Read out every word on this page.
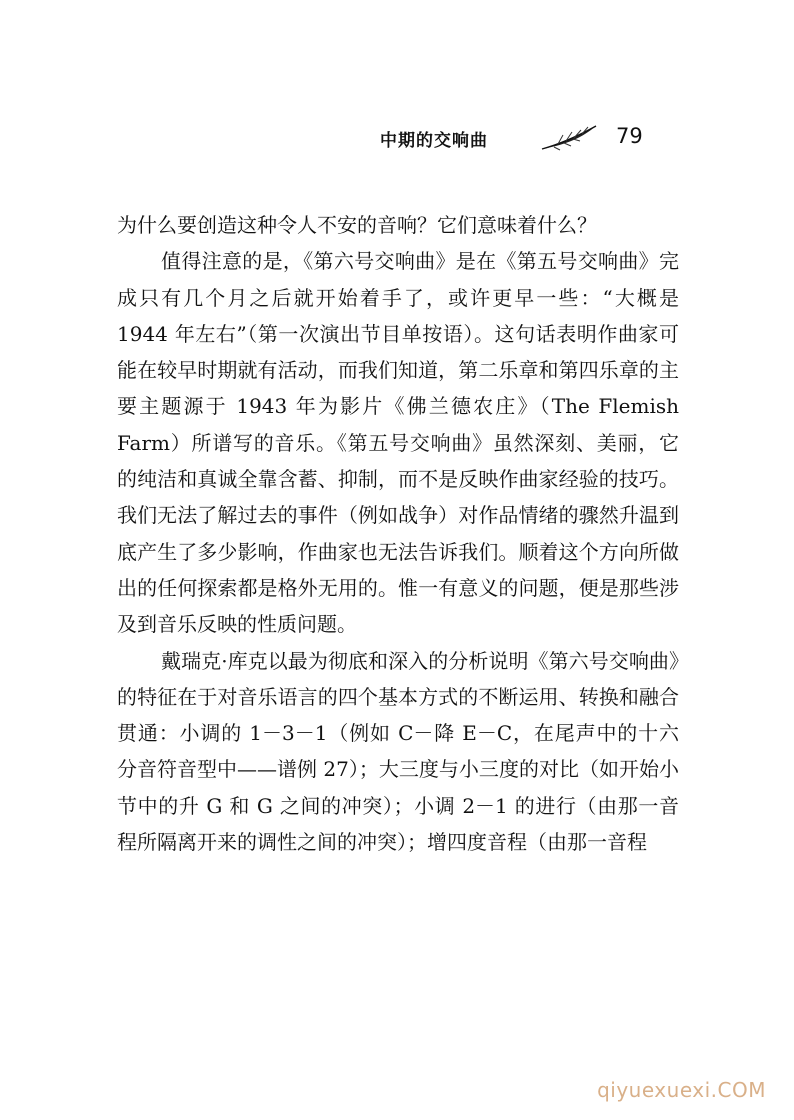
中期的交响曲	79

为什么要创造这种令人不安的音响？它们意味着什么？

值得注意的是，《第六号交响曲》是在《第五号交响曲》完成只有几个月之后就开始着手了，或许更早一些：“大概是 1944 年左右”（第一次演出节目单按语）。这句话表明作曲家可能在较早时期就有活动，而我们知道，第二乐章和第四乐章的主要主题源于 1943 年为影片《佛兰德农庄》（The Flemish Farm）所谱写的音乐。《第五号交响曲》虽然深刻、美丽，它的纯洁和真诚全靠含蓄、抑制，而不是反映作曲家经验的技巧。我们无法了解过去的事件（例如战争）对作品情绪的骤然升温到底产生了多少影响，作曲家也无法告诉我们。顺着这个方向所做出的任何探索都是格外无用的。惟一有意义的问题，便是那些涉及到音乐反映的性质问题。

戴瑞克·库克以最为彻底和深入的分析说明《第六号交响曲》的特征在于对音乐语言的四个基本方式的不断运用、转换和融合贯通：小调的 1－3－1（例如 C－降 E－C，在尾声中的十六分音符音型中——谱例 27）；大三度与小三度的对比（如开始小节中的升 G 和 G 之间的冲突）；小调 2－1 的进行（由那一音程所隔离开来的调性之间的冲突）；增四度音程（由那一音程

qiyuexuexi.COM
